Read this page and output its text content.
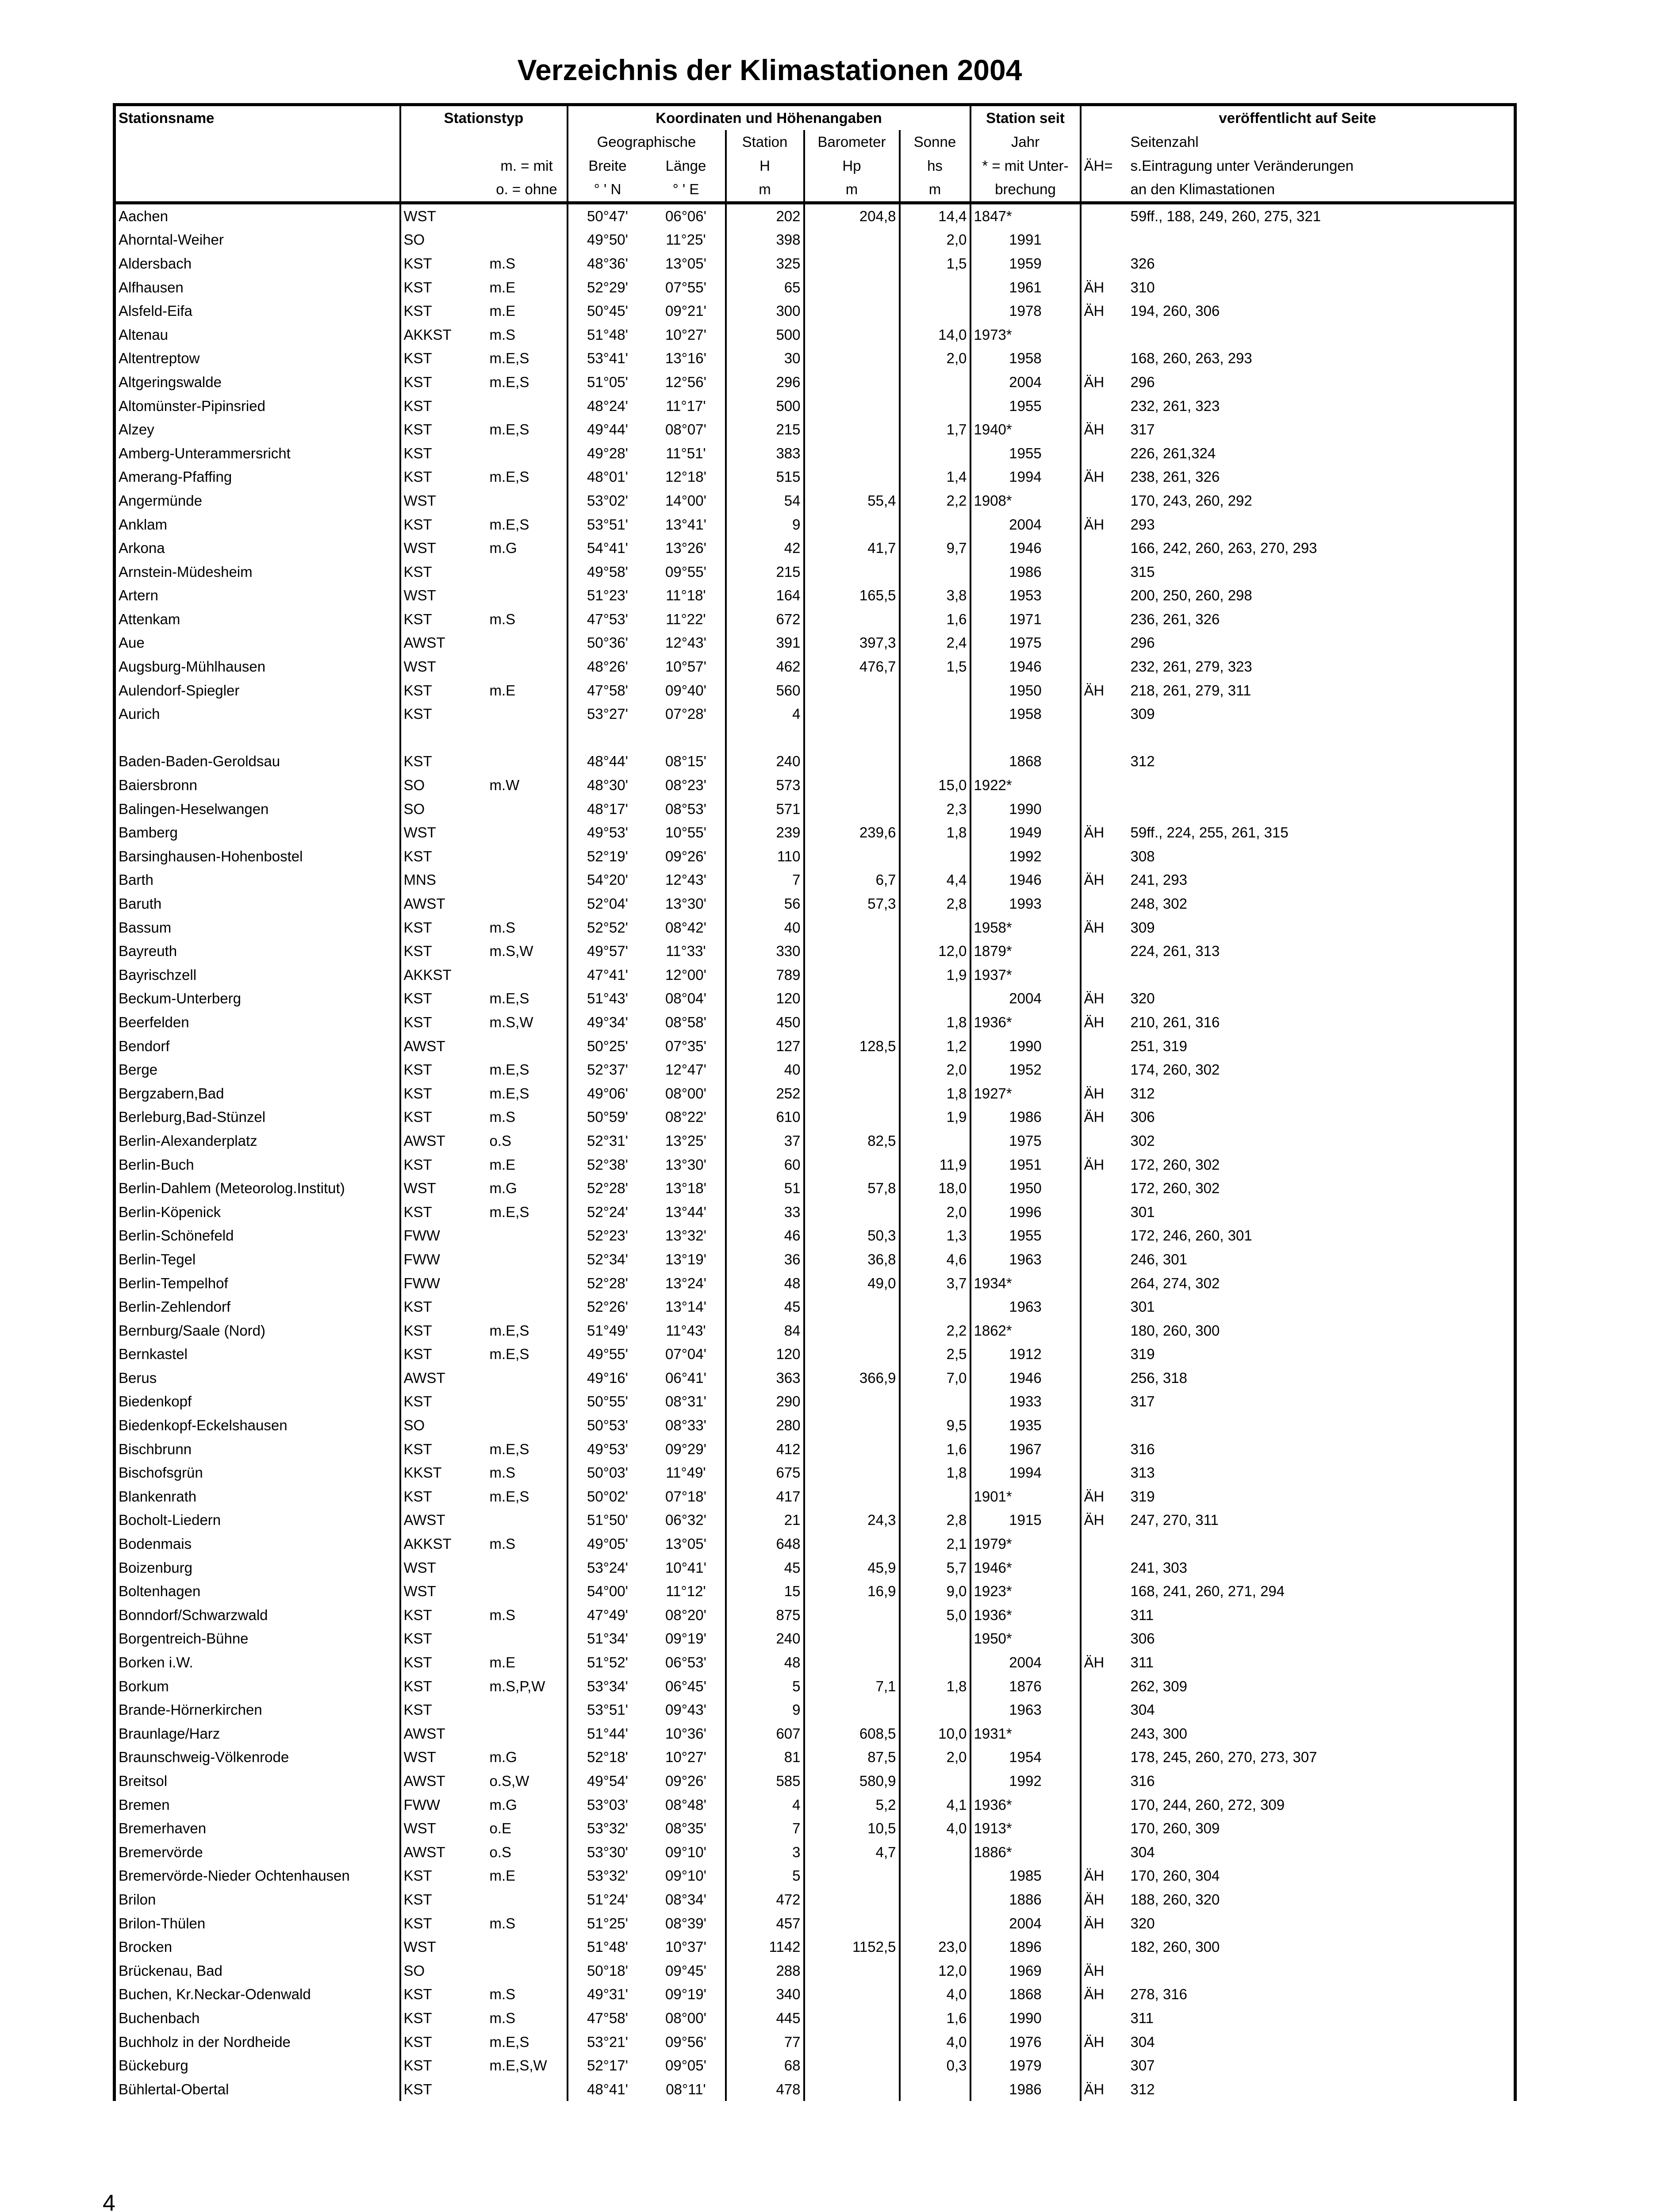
Verzeichnis der Klimastationen 2004
Stationsname	Stationstyp		Koordinaten und Höhenangaben					Station seit	veröffentlicht auf Seite	
			Geographische		Station	Barometer	Sonne	Jahr		Seitenzahl
		m. = mit	Breite	Länge	H	Hp	hs	* = mit Unter-	ÄH=	s.Eintragung unter Veränderungen
		o. = ohne	° ' N	° ' E	m	m	m	brechung		an den Klimastationen
Aachen	WST		50°47'	06°06'	202	204,8	14,4	1847*		59ff., 188, 249, 260, 275, 321
Ahorntal-Weiher	SO		49°50'	11°25'	398		2,0	1991		
Aldersbach	KST	m.S	48°36'	13°05'	325		1,5	1959		326
Alfhausen	KST	m.E	52°29'	07°55'	65			1961	ÄH	310
Alsfeld-Eifa	KST	m.E	50°45'	09°21'	300			1978	ÄH	194, 260, 306
Altenau	AKKST	m.S	51°48'	10°27'	500		14,0	1973*		
Altentreptow	KST	m.E,S	53°41'	13°16'	30		2,0	1958		168, 260, 263, 293
Altgeringswalde	KST	m.E,S	51°05'	12°56'	296			2004	ÄH	296
Altomünster-Pipinsried	KST		48°24'	11°17'	500			1955		232, 261, 323
Alzey	KST	m.E,S	49°44'	08°07'	215		1,7	1940*	ÄH	317
Amberg-Unterammersricht	KST		49°28'	11°51'	383			1955		226, 261,324
Amerang-Pfaffing	KST	m.E,S	48°01'	12°18'	515		1,4	1994	ÄH	238, 261, 326
Angermünde	WST		53°02'	14°00'	54	55,4	2,2	1908*		170, 243, 260, 292
Anklam	KST	m.E,S	53°51'	13°41'	9			2004	ÄH	293
Arkona	WST	m.G	54°41'	13°26'	42	41,7	9,7	1946		166, 242, 260, 263, 270, 293
Arnstein-Müdesheim	KST		49°58'	09°55'	215			1986		315
Artern	WST		51°23'	11°18'	164	165,5	3,8	1953		200, 250, 260, 298
Attenkam	KST	m.S	47°53'	11°22'	672		1,6	1971		236, 261, 326
Aue	AWST		50°36'	12°43'	391	397,3	2,4	1975		296
Augsburg-Mühlhausen	WST		48°26'	10°57'	462	476,7	1,5	1946		232, 261, 279, 323
Aulendorf-Spiegler	KST	m.E	47°58'	09°40'	560			1950	ÄH	218, 261, 279, 311
Aurich	KST		53°27'	07°28'	4			1958		309

Baden-Baden-Geroldsau	KST		48°44'	08°15'	240			1868		312
Baiersbronn	SO	m.W	48°30'	08°23'	573		15,0	1922*		
Balingen-Heselwangen	SO		48°17'	08°53'	571		2,3	1990		
Bamberg	WST		49°53'	10°55'	239	239,6	1,8	1949	ÄH	59ff., 224, 255, 261, 315
Barsinghausen-Hohenbostel	KST		52°19'	09°26'	110			1992		308
Barth	MNS		54°20'	12°43'	7	6,7	4,4	1946	ÄH	241, 293
Baruth	AWST		52°04'	13°30'	56	57,3	2,8	1993		248, 302
Bassum	KST	m.S	52°52'	08°42'	40			1958*	ÄH	309
Bayreuth	KST	m.S,W	49°57'	11°33'	330		12,0	1879*		224, 261, 313
Bayrischzell	AKKST		47°41'	12°00'	789		1,9	1937*		
Beckum-Unterberg	KST	m.E,S	51°43'	08°04'	120			2004	ÄH	320
Beerfelden	KST	m.S,W	49°34'	08°58'	450		1,8	1936*	ÄH	210, 261, 316
Bendorf	AWST		50°25'	07°35'	127	128,5	1,2	1990		251, 319
Berge	KST	m.E,S	52°37'	12°47'	40		2,0	1952		174, 260, 302
Bergzabern,Bad	KST	m.E,S	49°06'	08°00'	252		1,8	1927*	ÄH	312
Berleburg,Bad-Stünzel	KST	m.S	50°59'	08°22'	610		1,9	1986	ÄH	306
Berlin-Alexanderplatz	AWST	o.S	52°31'	13°25'	37	82,5		1975		302
Berlin-Buch	KST	m.E	52°38'	13°30'	60		11,9	1951	ÄH	172, 260, 302
Berlin-Dahlem (Meteorolog.Institut)	WST	m.G	52°28'	13°18'	51	57,8	18,0	1950		172, 260, 302
Berlin-Köpenick	KST	m.E,S	52°24'	13°44'	33		2,0	1996		301
Berlin-Schönefeld	FWW		52°23'	13°32'	46	50,3	1,3	1955		172, 246, 260, 301
Berlin-Tegel	FWW		52°34'	13°19'	36	36,8	4,6	1963		246, 301
Berlin-Tempelhof	FWW		52°28'	13°24'	48	49,0	3,7	1934*		264, 274, 302
Berlin-Zehlendorf	KST		52°26'	13°14'	45			1963		301
Bernburg/Saale (Nord)	KST	m.E,S	51°49'	11°43'	84		2,2	1862*		180, 260, 300
Bernkastel	KST	m.E,S	49°55'	07°04'	120		2,5	1912		319
Berus	AWST		49°16'	06°41'	363	366,9	7,0	1946		256, 318
Biedenkopf	KST		50°55'	08°31'	290			1933		317
Biedenkopf-Eckelshausen	SO		50°53'	08°33'	280		9,5	1935		
Bischbrunn	KST	m.E,S	49°53'	09°29'	412		1,6	1967		316
Bischofsgrün	KKST	m.S	50°03'	11°49'	675		1,8	1994		313
Blankenrath	KST	m.E,S	50°02'	07°18'	417			1901*	ÄH	319
Bocholt-Liedern	AWST		51°50'	06°32'	21	24,3	2,8	1915	ÄH	247, 270, 311
Bodenmais	AKKST	m.S	49°05'	13°05'	648		2,1	1979*		
Boizenburg	WST		53°24'	10°41'	45	45,9	5,7	1946*		241, 303
Boltenhagen	WST		54°00'	11°12'	15	16,9	9,0	1923*		168, 241, 260, 271, 294
Bonndorf/Schwarzwald	KST	m.S	47°49'	08°20'	875		5,0	1936*		311
Borgentreich-Bühne	KST		51°34'	09°19'	240			1950*		306
Borken i.W.	KST	m.E	51°52'	06°53'	48			2004	ÄH	311
Borkum	KST	m.S,P,W	53°34'	06°45'	5	7,1	1,8	1876		262, 309
Brande-Hörnerkirchen	KST		53°51'	09°43'	9			1963		304
Braunlage/Harz	AWST		51°44'	10°36'	607	608,5	10,0	1931*		243, 300
Braunschweig-Völkenrode	WST	m.G	52°18'	10°27'	81	87,5	2,0	1954		178, 245, 260, 270, 273, 307
Breitsol	AWST	o.S,W	49°54'	09°26'	585	580,9		1992		316
Bremen	FWW	m.G	53°03'	08°48'	4	5,2	4,1	1936*		170, 244, 260, 272, 309
Bremerhaven	WST	o.E	53°32'	08°35'	7	10,5	4,0	1913*		170, 260, 309
Bremervörde	AWST	o.S	53°30'	09°10'	3	4,7		1886*		304
Bremervörde-Nieder Ochtenhausen	KST	m.E	53°32'	09°10'	5			1985	ÄH	170, 260, 304
Brilon	KST		51°24'	08°34'	472			1886	ÄH	188, 260, 320
Brilon-Thülen	KST	m.S	51°25'	08°39'	457			2004	ÄH	320
Brocken	WST		51°48'	10°37'	1142	1152,5	23,0	1896		182, 260, 300
Brückenau, Bad	SO		50°18'	09°45'	288		12,0	1969	ÄH	
Buchen, Kr.Neckar-Odenwald	KST	m.S	49°31'	09°19'	340		4,0	1868	ÄH	278, 316
Buchenbach	KST	m.S	47°58'	08°00'	445		1,6	1990		311
Buchholz in der Nordheide	KST	m.E,S	53°21'	09°56'	77		4,0	1976	ÄH	304
Bückeburg	KST	m.E,S,W	52°17'	09°05'	68		0,3	1979		307
Bühlertal-Obertal	KST		48°41'	08°11'	478			1986	ÄH	312
4
